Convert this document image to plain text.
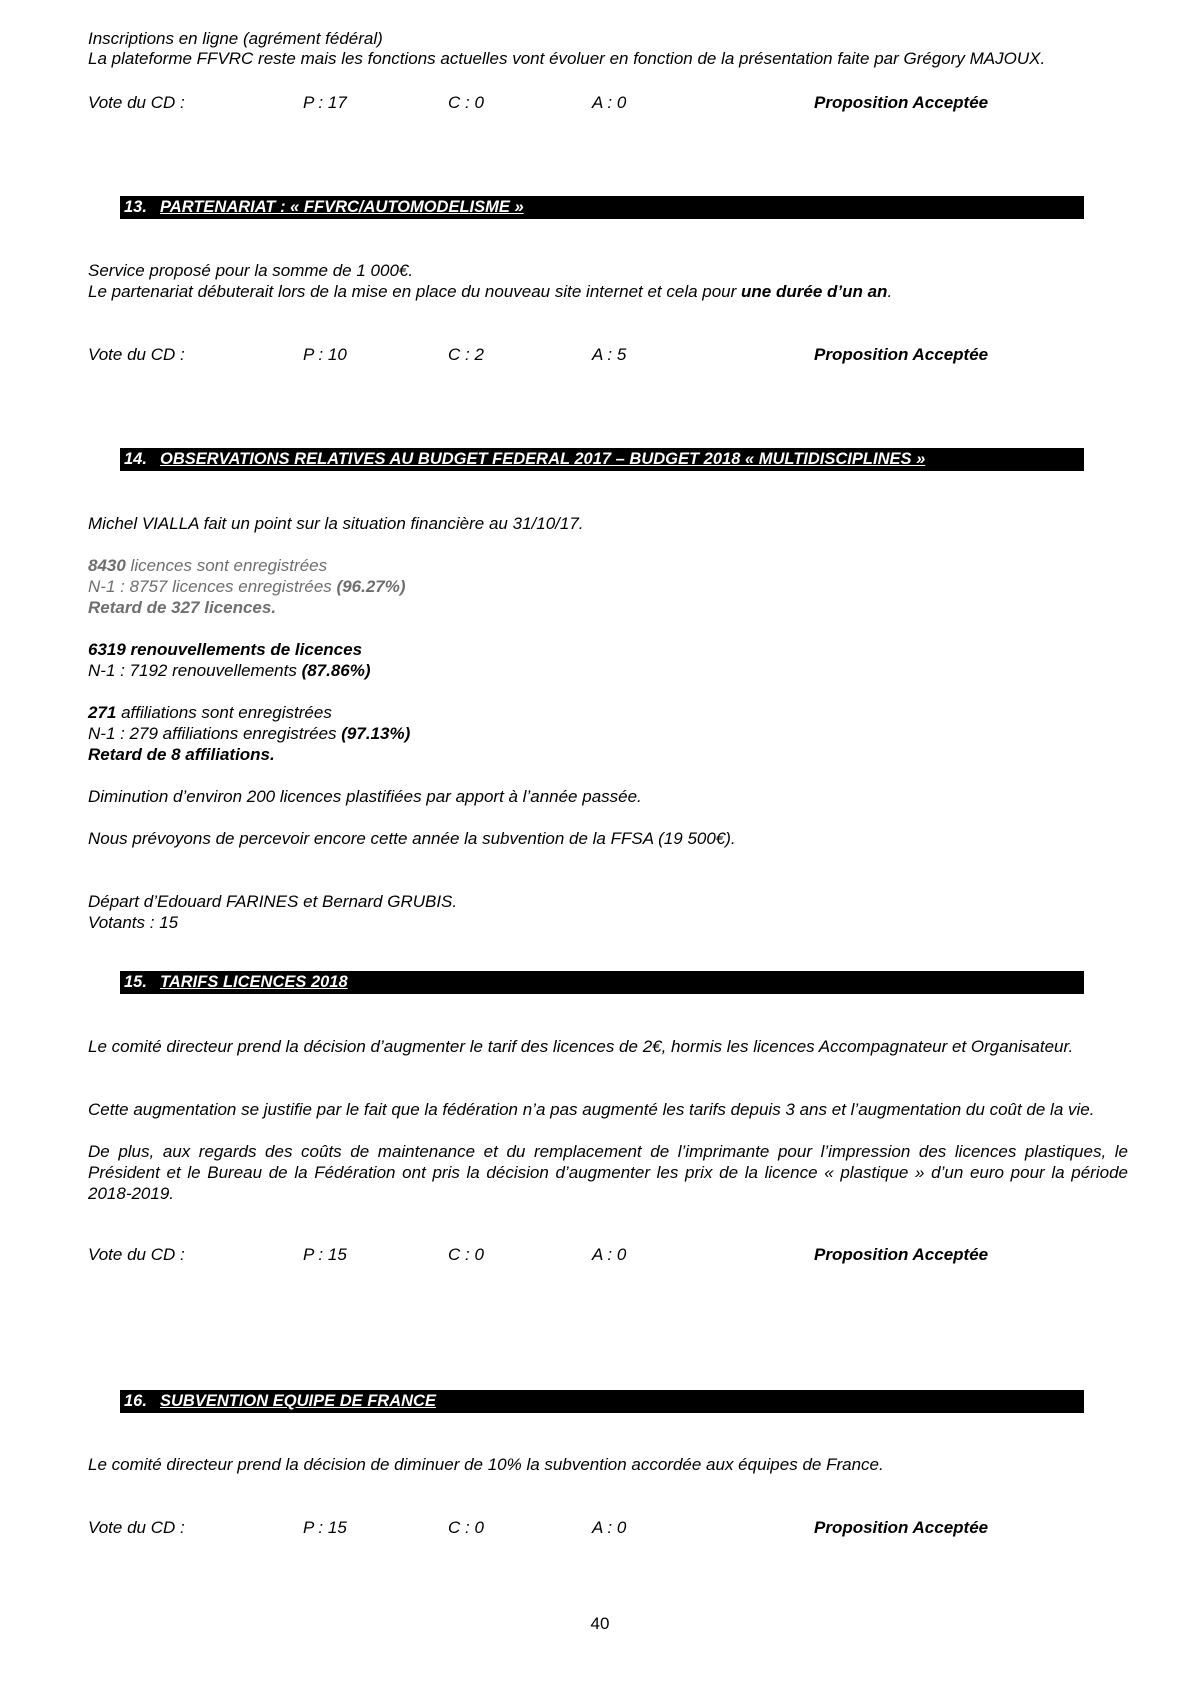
Inscriptions en ligne (agrément fédéral)
La plateforme FFVRC reste mais les fonctions actuelles vont évoluer en fonction de la présentation faite par Grégory MAJOUX.
Vote du CD :	P : 17	C : 0	A : 0	Proposition Acceptée
13. PARTENARIAT : « FFVRC/AUTOMODELISME »
Service proposé pour la somme de 1 000€.
Le partenariat débuterait lors de la mise en place du nouveau site internet et cela pour une durée d’un an.
Vote du CD :	P : 10	C : 2	A : 5	Proposition Acceptée
14. OBSERVATIONS RELATIVES AU BUDGET FEDERAL 2017 – BUDGET 2018 « MULTIDISCIPLINES »
Michel VIALLA fait un point sur la situation financière au 31/10/17.
8430 licences sont enregistrées
N-1 : 8757 licences enregistrées (96.27%)
Retard de 327 licences.
6319 renouvellements de licences
N-1 : 7192 renouvellements (87.86%)
271 affiliations sont enregistrées
N-1 : 279 affiliations enregistrées (97.13%)
Retard de 8 affiliations.
Diminution d’environ 200 licences plastifiées par apport à l’année passée.
Nous prévoyons de percevoir encore cette année la subvention de la FFSA (19 500€).
Départ d’Edouard FARINES et Bernard GRUBIS.
Votants : 15
15. TARIFS LICENCES 2018
Le comité directeur prend la décision d’augmenter le tarif des licences de 2€, hormis les licences Accompagnateur et Organisateur.
Cette augmentation se justifie par le fait que la fédération n’a pas augmenté les tarifs depuis 3 ans et l’augmentation du coût de la vie.
De plus, aux regards des coûts de maintenance et du remplacement de l’imprimante pour l’impression des licences plastiques, le Président et le Bureau de la Fédération ont pris la décision d’augmenter les prix de la licence « plastique » d’un euro pour la période 2018-2019.
Vote du CD :	P : 15	C : 0	A : 0	Proposition Acceptée
16. SUBVENTION EQUIPE DE FRANCE
Le comité directeur prend la décision de diminuer de 10% la subvention accordée aux équipes de France.
Vote du CD :	P : 15	C : 0	A : 0	Proposition Acceptée
40
